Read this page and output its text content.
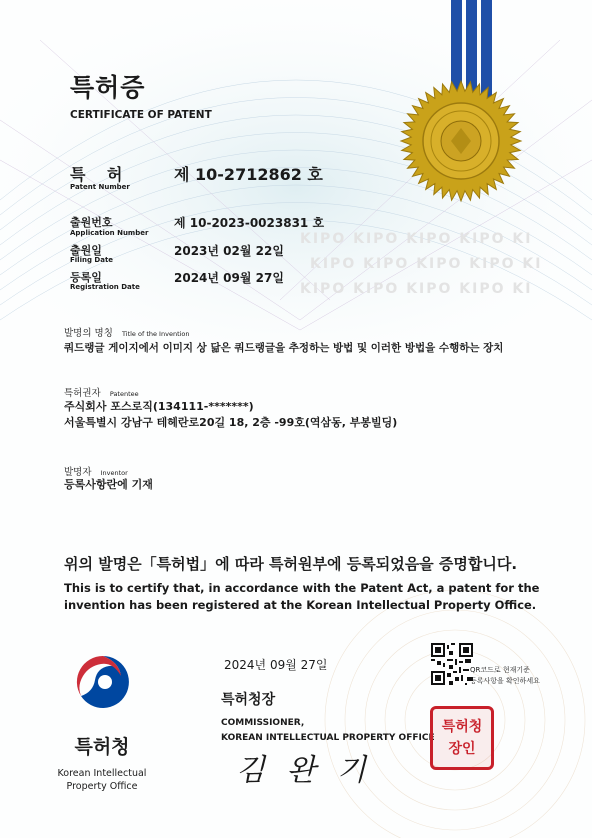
특허증
CERTIFICATE OF PATENT
특 허
Patent Number
제 10-2712862 호
출원번호
Application Number
제 10-2023-0023831 호
출원일
Filing Date
2023년 02월 22일
등록일
Registration Date
2024년 09월 27일
KIPO KIPO KIPO KIPO KI
KIPO KIPO KIPO KIPO KI
KIPO KIPO KIPO KIPO KI
발명의 명칭 Title of the Invention
쿼드랭글 게이지에서 이미지 상 닮은 쿼드랭글을 추정하는 방법 및 이러한 방법을 수행하는 장치
특허권자 Patentee
주식회사 포스로직(134111-*******)
서울특별시 강남구 테헤란로20길 18, 2층 -99호(역삼동, 부봉빌딩)
발명자 Inventor
등록사항란에 기재
위의 발명은「특허법」에 따라 특허원부에 등록되었음을 증명합니다.
This is to certify that, in accordance with the Patent Act, a patent for the invention has been registered at the Korean Intellectual Property Office.
2024년 09월 27일
특허청장
COMMISSIONER,
KOREAN INTELLECTUAL PROPERTY OFFICE
김 완 기
특허청
Korean Intellectual Property Office
QR코드로 현재기준
등록사항을 확인하세요
특허청장인
